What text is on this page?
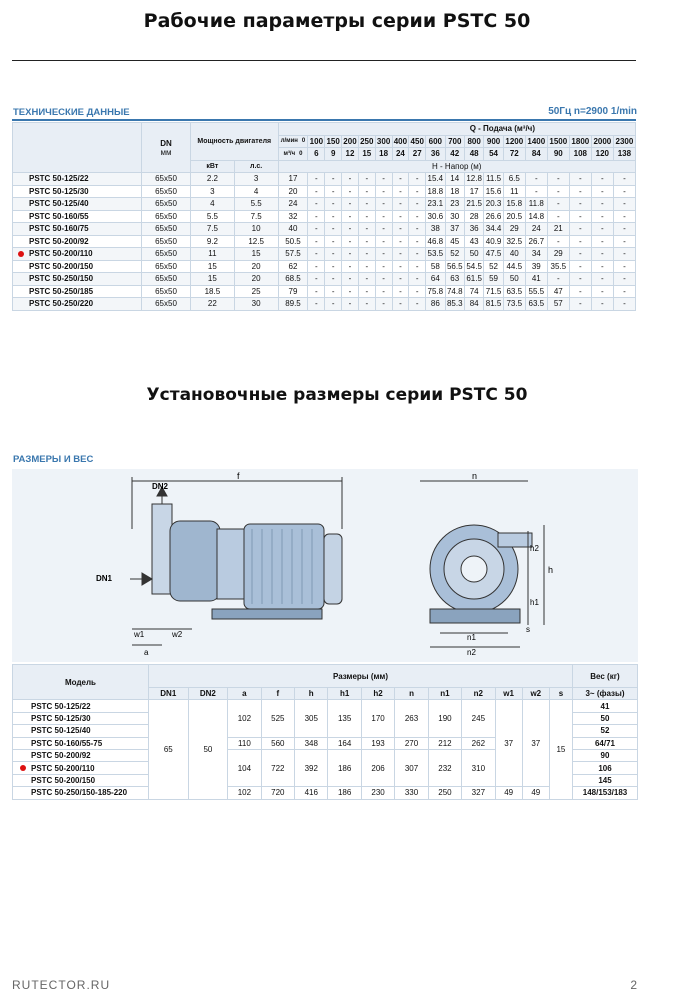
Рабочие параметры серии PSTC 50
ТЕХНИЧЕСКИЕ ДАННЫЕ	50Гц n=2900 1/min
	DN
мм	Мощность двигателя		Q - Подача (м³/ч)																	
				л/мин 0	100	150	200	250	300	400	450	600	700	800	900	1200	1400	1500	1800	2000	2300
				м³/ч 0	6	9	12	15	18	24	27	36	42	48	54	72	84	90	108	120	138
		кВт	л.с.	H - Напор (м)																	
PSTC 50-125/22	65x50	2.2	3	17	-	-	-	-	-	-	-	15.4	14	12.8	11.5	6.5	-	-	-	-	-
PSTC 50-125/30	65x50	3	4	20	-	-	-	-	-	-	-	18.8	18	17	15.6	11	-	-	-	-	-
PSTC 50-125/40	65x50	4	5.5	24	-	-	-	-	-	-	-	23.1	23	21.5	20.3	15.8	11.8	-	-	-	-
PSTC 50-160/55	65x50	5.5	7.5	32	-	-	-	-	-	-	-	30.6	30	28	26.6	20.5	14.8	-	-	-	-
PSTC 50-160/75	65x50	7.5	10	40	-	-	-	-	-	-	-	38	37	36	34.4	29	24	21	-	-	-
PSTC 50-200/92	65x50	9.2	12.5	50.5	-	-	-	-	-	-	-	46.8	45	43	40.9	32.5	26.7	-	-	-	-
PSTC 50-200/110	65x50	11	15	57.5	-	-	-	-	-	-	-	53.5	52	50	47.5	40	34	29	-	-	-
PSTC 50-200/150	65x50	15	20	62	-	-	-	-	-	-	-	58	56.5	54.5	52	44.5	39	35.5	-	-	-
PSTC 50-250/150	65x50	15	20	68.5	-	-	-	-	-	-	-	64	63	61.5	59	50	41	-	-	-	-
PSTC 50-250/185	65x50	18.5	25	79	-	-	-	-	-	-	-	75.8	74.8	74	71.5	63.5	55.5	47	-	-	-
PSTC 50-250/220	65x50	22	30	89.5	-	-	-	-	-	-	-	86	85.3	84	81.5	73.5	63.5	57	-	-	-
Установочные размеры серии PSTC 50
РАЗМЕРЫ И ВЕС
f
DN2
DN1
w1	w2
a
n
h
h2
h1
n1
n2
s
Модель	Размеры (мм)													Вес (кг)
	DN1	DN2	a	f	h	h1	h2	n	n1	n2	w1	w2	s	3~ (фазы)
PSTC 50-125/22	65	50	102	525	305	135	170	263	190	245	37	37	15	41
PSTC 50-125/30														50
PSTC 50-125/40														52
PSTC 50-160/55-75			110	560	348	164	193	270	212	262				64/71
PSTC 50-200/92			104	722	392	186	206	307	232	310				90
PSTC 50-200/110														106
PSTC 50-200/150														145
PSTC 50-250/150-185-220			102	720	416	186	230	330	250	327	49	49		148/153/183
RUTECTOR.RU	2
